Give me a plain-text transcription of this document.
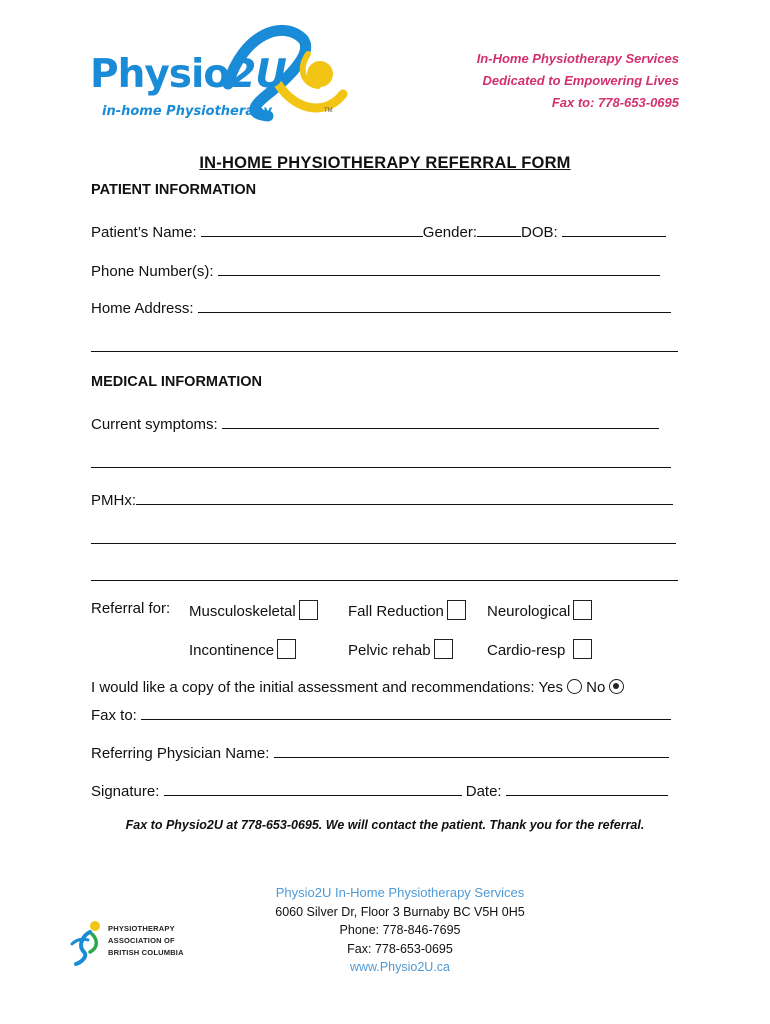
Physio2U
in-home Physiotherapy	TM
In-Home Physiotherapy Services
Dedicated to Empowering Lives
Fax to: 778-653-0695
IN-HOME PHYSIOTHERAPY REFERRAL FORM
PATIENT INFORMATION
Patient’s Name:	Gender:	DOB:
Phone Number(s):
Home Address:
MEDICAL INFORMATION
Current symptoms:
PMHx:
Referral for: Musculoskeletal	Fall Reduction	Neurological
Incontinence	Pelvic rehab	Cardio-resp
I would like a copy of the initial assessment and recommendations: Yes No
Fax to:
Referring Physician Name:
Signature:	Date:
Fax to Physio2U at 778-653-0695. We will contact the patient. Thank you for the referral.
PHYSIOTHERAPY
ASSOCIATION OF
BRITISH COLUMBIA
Physio2U In-Home Physiotherapy Services
6060 Silver Dr, Floor 3 Burnaby BC V5H 0H5
Phone: 778-846-7695
Fax: 778-653-0695
www.Physio2U.ca
